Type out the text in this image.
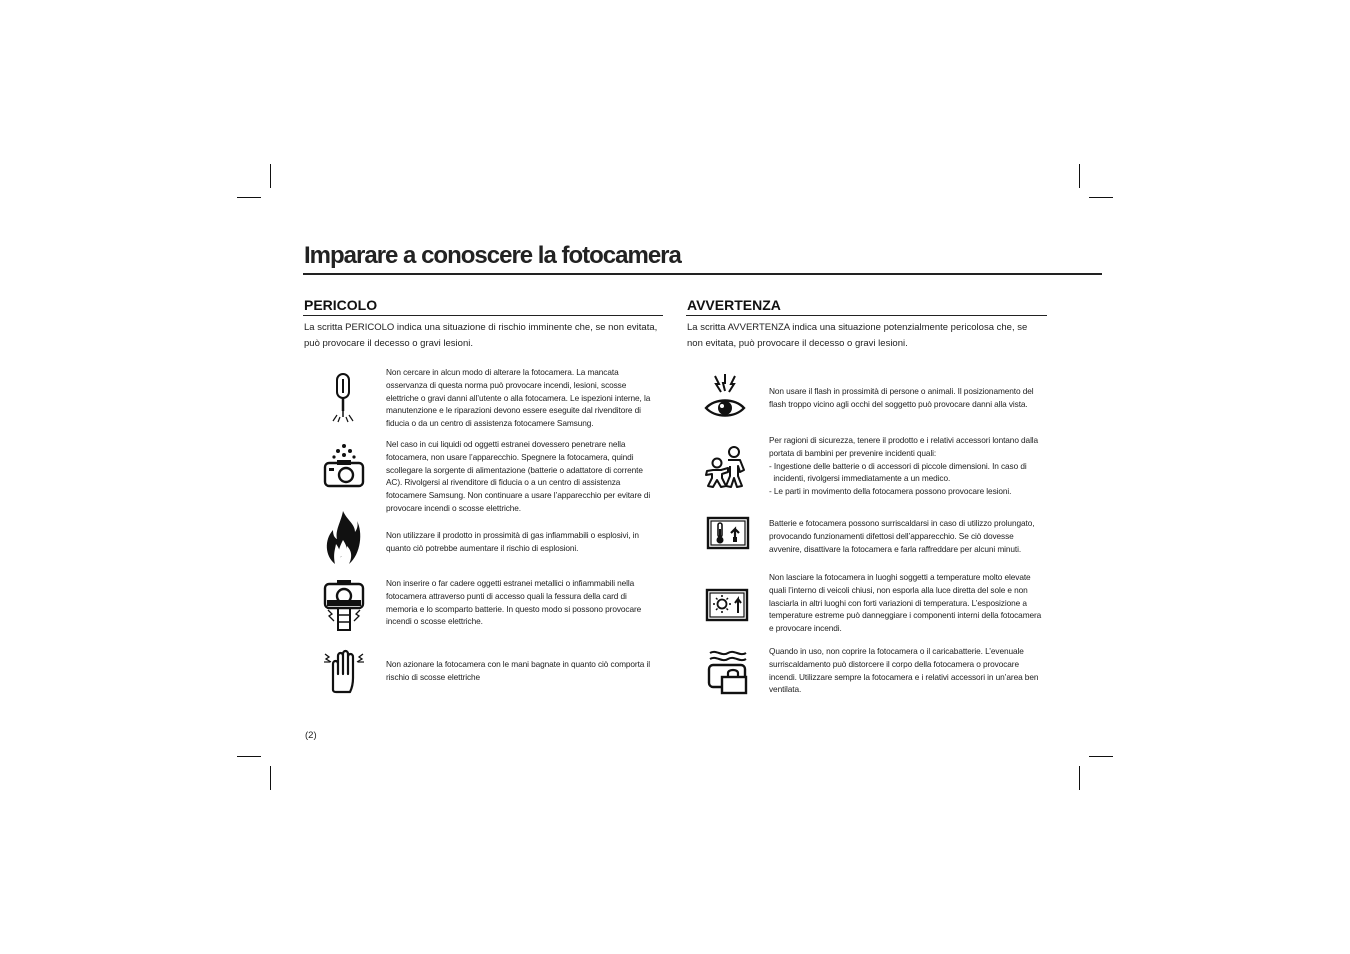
Imparare a conoscere la fotocamera
PERICOLO

La scritta PERICOLO indica una situazione di rischio imminente che, se non evitata,
può provocare il decesso o gravi lesioni.

Non cercare in alcun modo di alterare la fotocamera. La mancata
osservanza di questa norma può provocare incendi, lesioni, scosse
elettriche o gravi danni all’utente o alla fotocamera. Le ispezioni interne, la
manutenzione e le riparazioni devono essere eseguite dal rivenditore di
fiducia o da un centro di assistenza fotocamere Samsung.

Nel caso in cui liquidi od oggetti estranei dovessero penetrare nella
fotocamera, non usare l’apparecchio. Spegnere la fotocamera, quindi
scollegare la sorgente di alimentazione (batterie o adattatore di corrente
AC). Rivolgersi al rivenditore di fiducia o a un centro di assistenza
fotocamere Samsung. Non continuare a usare l’apparecchio per evitare di
provocare incendi o scosse elettriche.

Non utilizzare il prodotto in prossimità di gas infiammabili o esplosivi, in
quanto ciò potrebbe aumentare il rischio di esplosioni.

Non inserire o far cadere oggetti estranei metallici o infiammabili nella
fotocamera attraverso punti di accesso quali la fessura della card di
memoria e lo scomparto batterie. In questo modo si possono provocare
incendi o scosse elettriche.

Non azionare la fotocamera con le mani bagnate in quanto ciò comporta il
rischio di scosse elettriche

AVVERTENZA

La scritta AVVERTENZA indica una situazione potenzialmente pericolosa che, se
non evitata, può provocare il decesso o gravi lesioni.

Non usare il flash in prossimità di persone o animali. Il posizionamento del
flash troppo vicino agli occhi del soggetto può provocare danni alla vista.

Per ragioni di sicurezza, tenere il prodotto e i relativi accessori lontano dalla
portata di bambini per prevenire incidenti quali:
- Ingestione delle batterie o di accessori di piccole dimensioni. In caso di
incidenti, rivolgersi immediatamente a un medico.
- Le parti in movimento della fotocamera possono provocare lesioni.

Batterie e fotocamera possono surriscaldarsi in caso di utilizzo prolungato,
provocando funzionamenti difettosi dell’apparecchio. Se ciò dovesse
avvenire, disattivare la fotocamera e farla raffreddare per alcuni minuti.

Non lasciare la fotocamera in luoghi soggetti a temperature molto elevate
quali l’interno di veicoli chiusi, non esporla alla luce diretta del sole e non
lasciarla in altri luoghi con forti variazioni di temperatura. L’esposizione a
temperature estreme può danneggiare i componenti interni della fotocamera
e provocare incendi.

Quando in uso, non coprire la fotocamera o il caricabatterie. L’evenuale
surriscaldamento può distorcere il corpo della fotocamera o provocare
incendi. Utilizzare sempre la fotocamera e i relativi accessori in un’area ben
ventilata.

(2)
